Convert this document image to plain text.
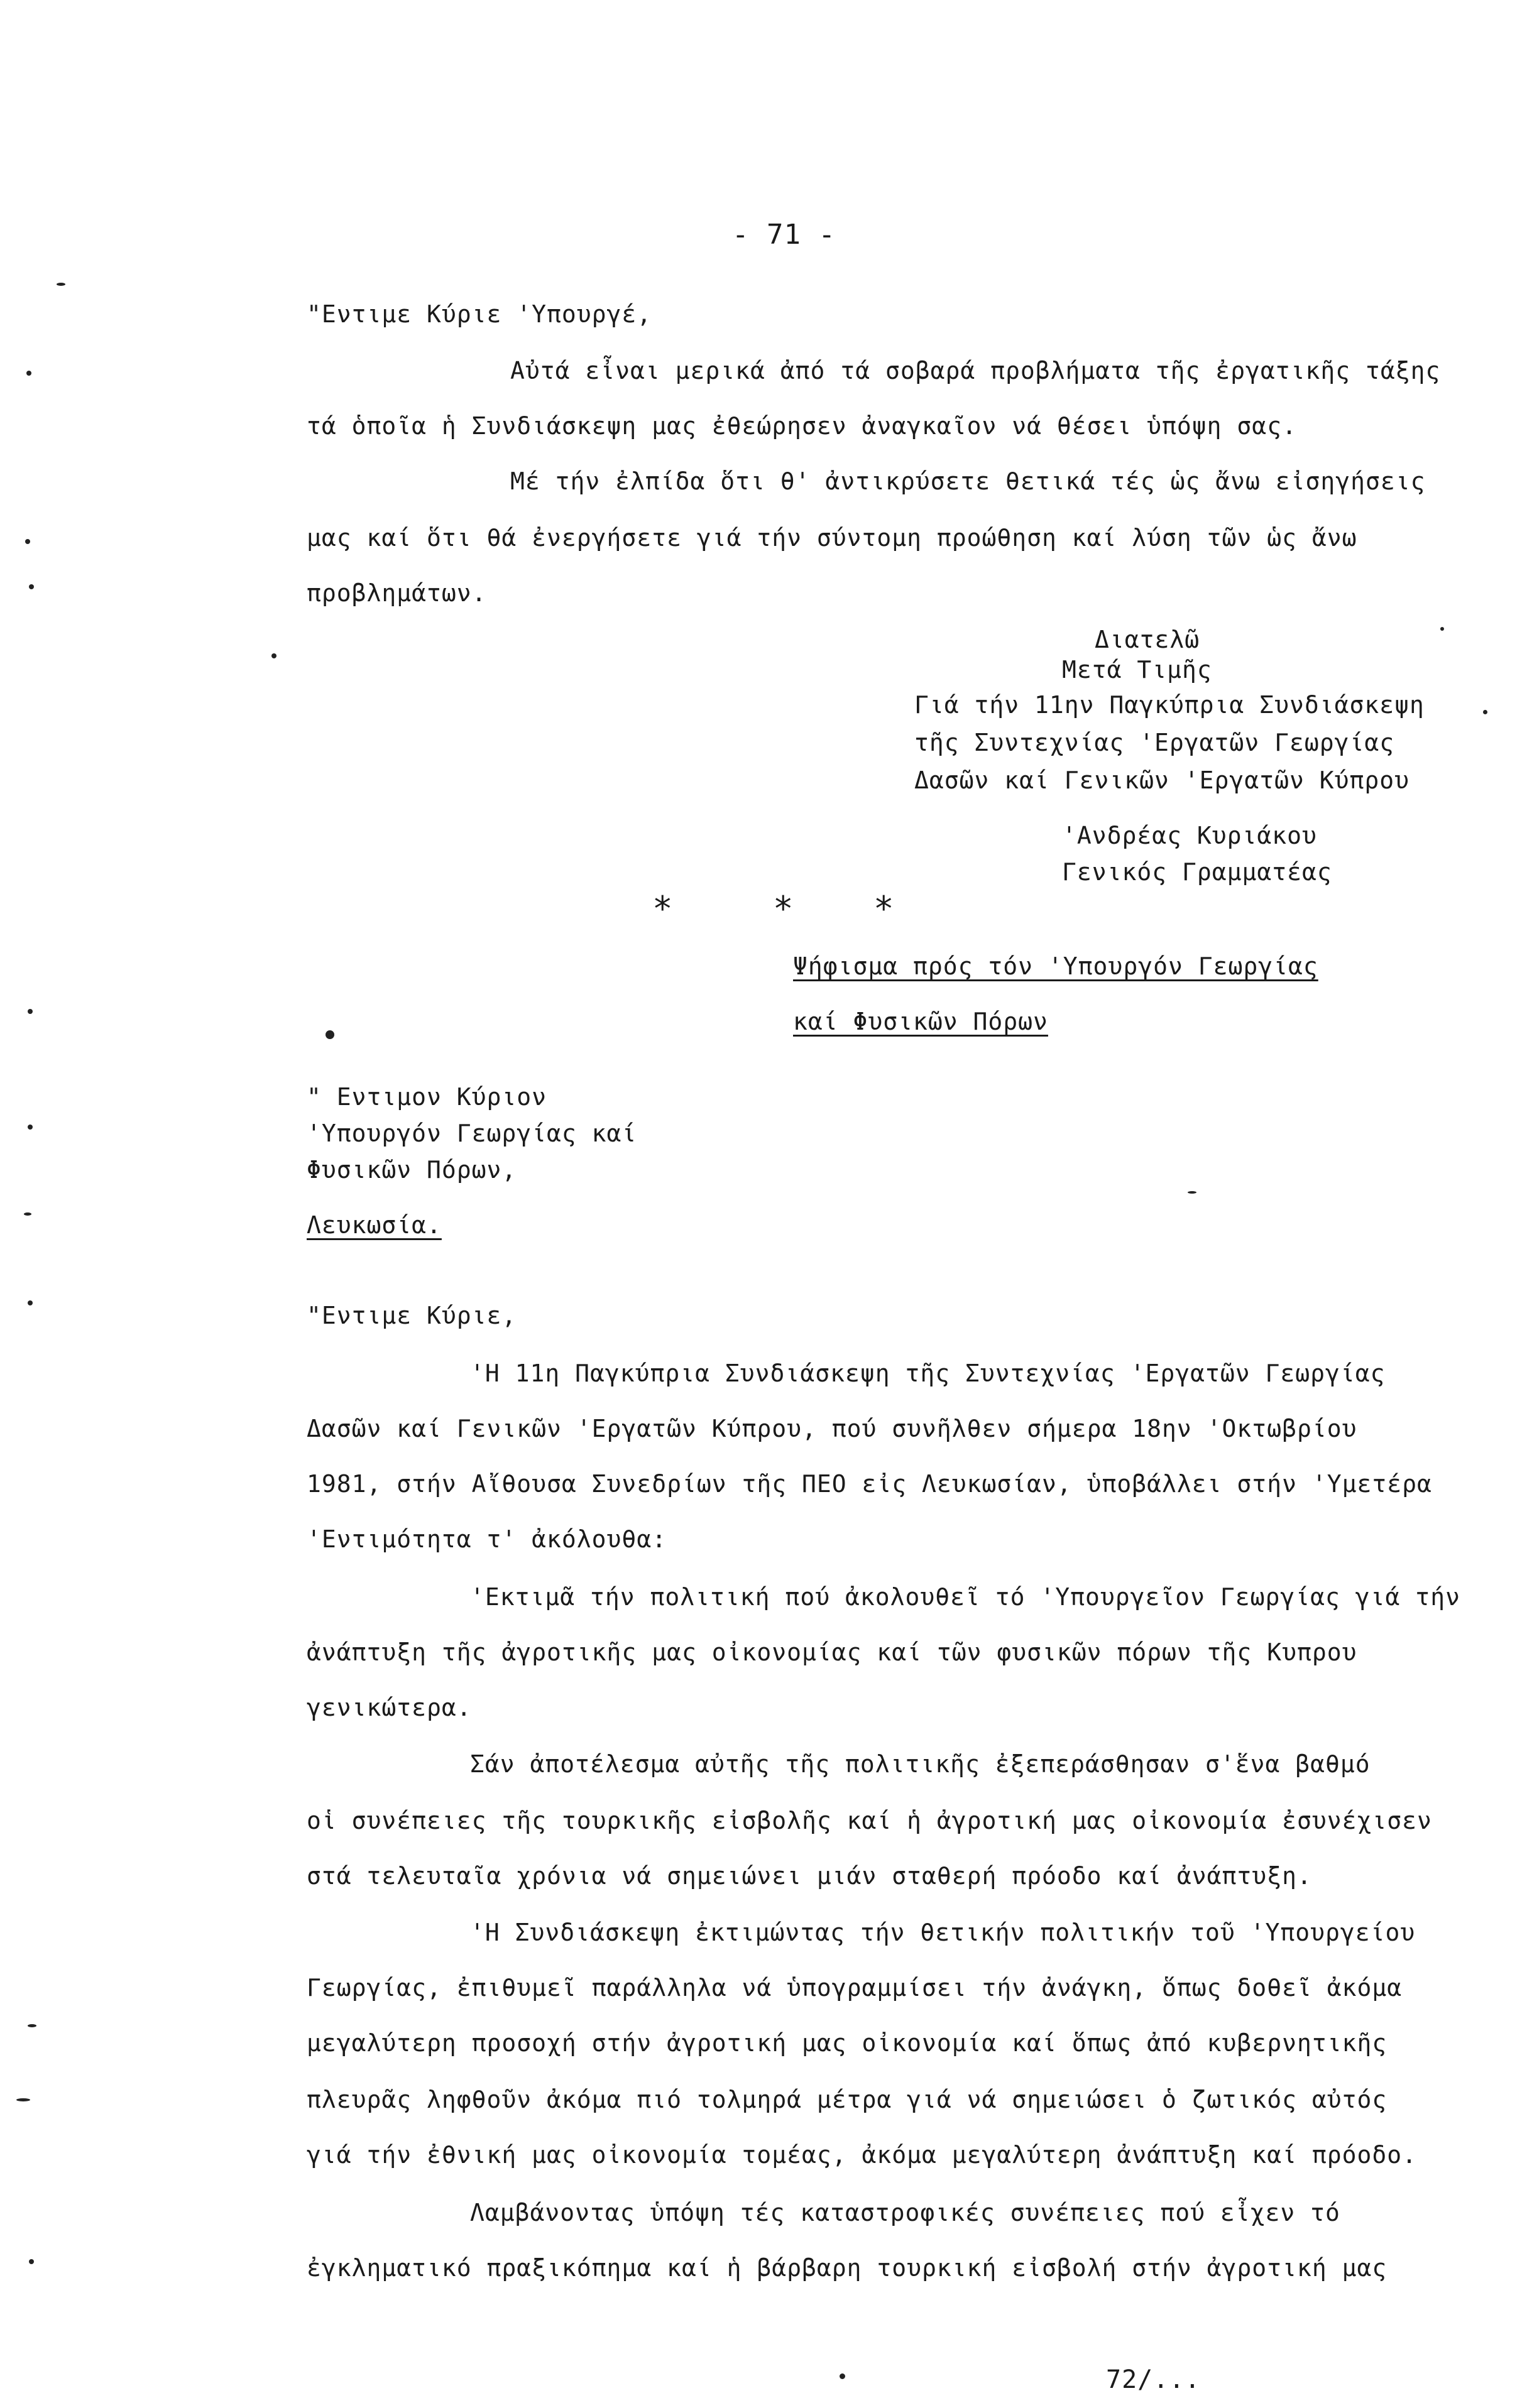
- 71 -
"Εντιμε Κύριε 'Υπουργέ,
Αὐτά εἶναι μερικά ἀπό τά σοβαρά προβλήματα τῆς ἐργατικῆς τάξης
τά ὁποῖα ἡ Συνδιάσκεψη μας ἐθεώρησεν ἀναγκαῖον νά θέσει ὑπόψη σας.
Μέ τήν ἐλπίδα ὅτι θ' ἀντικρύσετε θετικά τές ὡς ἄνω εἰσηγήσεις
μας καί ὅτι θά ἐνεργήσετε γιά τήν σύντομη προώθηση καί λύση τῶν ὡς ἄνω
προβλημάτων.
Διατελῶ
Μετά Τιμῆς
Γιά τήν 11ην Παγκύπρια Συνδιάσκεψη
τῆς Συντεχνίας 'Εργατῶν Γεωργίας
Δασῶν καί Γενικῶν 'Εργατῶν Κύπρου
'Ανδρέας Κυριάκου
Γενικός Γραμματέας
*	* *
Ψήφισμα πρός τόν 'Υπουργόν Γεωργίας
καί Φυσικῶν Πόρων
" Εντιμον Κύριον
'Υπουργόν Γεωργίας καί
Φυσικῶν Πόρων,
Λευκωσία.
"Εντιμε Κύριε,
'Η 11η Παγκύπρια Συνδιάσκεψη τῆς Συντεχνίας 'Εργατῶν Γεωργίας
Δασῶν καί Γενικῶν 'Εργατῶν Κύπρου, πού συνῆλθεν σήμερα 18ην 'Οκτωβρίου
1981, στήν Αἴθουσα Συνεδρίων τῆς ΠΕΟ εἰς Λευκωσίαν, ὑποβάλλει στήν 'Υμετέρα
'Εντιμότητα τ' ἀκόλουθα:
'Εκτιμᾶ τήν πολιτική πού ἀκολουθεῖ τό 'Υπουργεῖον Γεωργίας γιά τήν
ἀνάπτυξη τῆς ἀγροτικῆς μας οἰκονομίας καί τῶν φυσικῶν πόρων τῆς Κυπρου
γενικώτερα.
Σάν ἀποτέλεσμα αὐτῆς τῆς πολιτικῆς ἐξεπεράσθησαν σ'ἕνα βαθμό
οἱ συνέπειες τῆς τουρκικῆς εἰσβολῆς καί ἡ ἀγροτική μας οἰκονομία ἐσυνέχισεν
στά τελευταῖα χρόνια νά σημειώνει μιάν σταθερή πρόοδο καί ἀνάπτυξη.
'Η Συνδιάσκεψη ἐκτιμώντας τήν θετικήν πολιτικήν τοῦ 'Υπουργείου
Γεωργίας, ἐπιθυμεῖ παράλληλα νά ὑπογραμμίσει τήν ἀνάγκη, ὅπως δοθεῖ ἀκόμα
μεγαλύτερη προσοχή στήν ἀγροτική μας οἰκονομία καί ὅπως ἀπό κυβερνητικῆς
πλευρᾶς ληφθοῦν ἀκόμα πιό τολμηρά μέτρα γιά νά σημειώσει ὁ ζωτικός αὐτός
γιά τήν ἐθνική μας οἰκονομία τομέας, ἀκόμα μεγαλύτερη ἀνάπτυξη καί πρόοδο.
Λαμβάνοντας ὑπόψη τές καταστροφικές συνέπειες πού εἶχεν τό
ἐγκληματικό πραξικόπημα καί ἡ βάρβαρη τουρκική εἰσβολή στήν ἀγροτική μας
72/...
